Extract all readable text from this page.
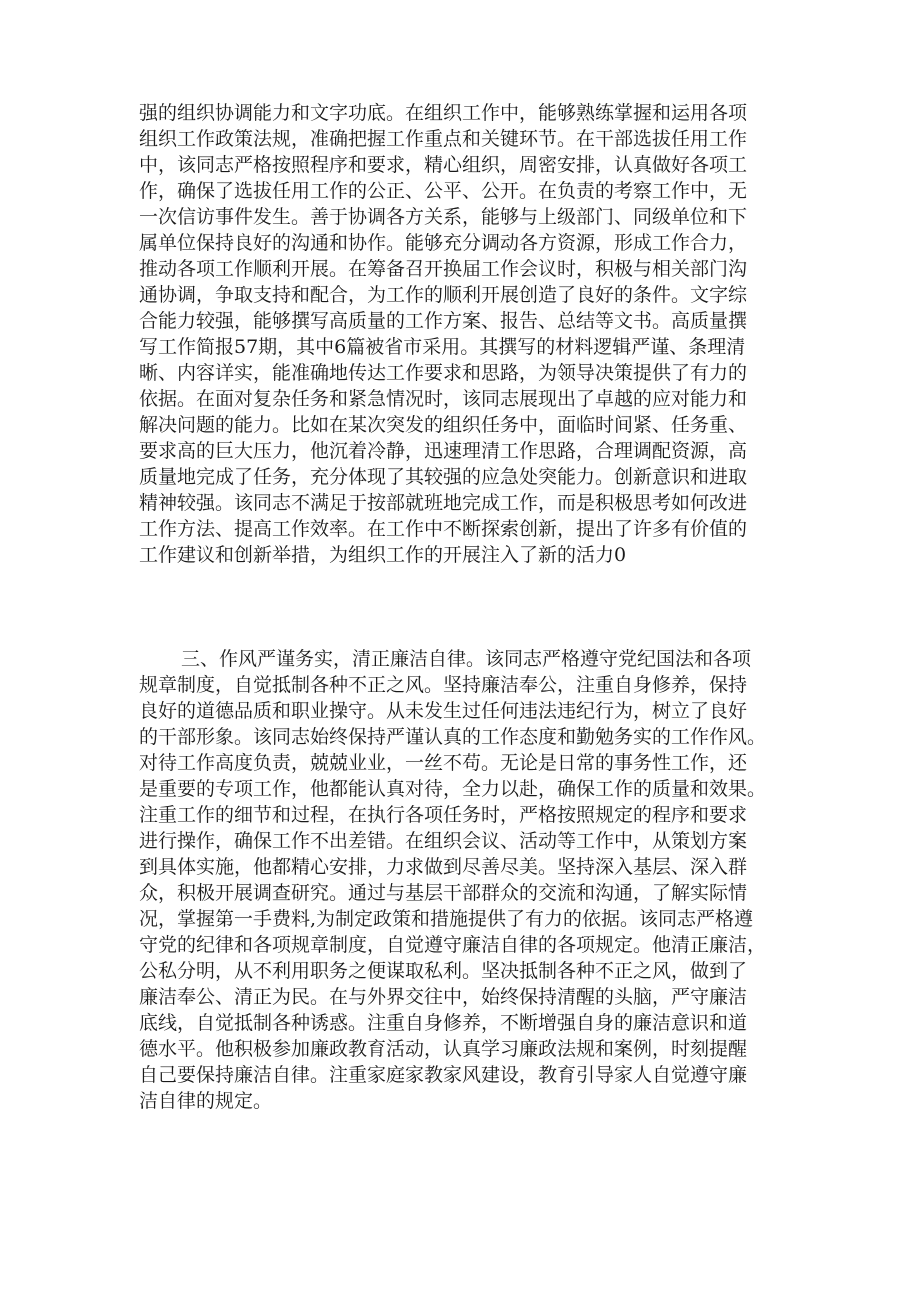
强的组织协调能力和文字功底。在组织工作中，能够熟练掌握和运用各项

组织工作政策法规，准确把握工作重点和关键环节。在干部选拔任用工作

中，该同志严格按照程序和要求，精心组织，周密安排，认真做好各项工

作，确保了选拔任用工作的公正、公平、公开。在负责的考察工作中，无

一次信访事件发生。善于协调各方关系，能够与上级部门、同级单位和下

属单位保持良好的沟通和协作。能够充分调动各方资源，形成工作合力，

推动各项工作顺利开展。在筹备召开换届工作会议时，积极与相关部门沟

通协调，争取支持和配合，为工作的顺利开展创造了良好的条件。文字综

合能力较强，能够撰写高质量的工作方案、报告、总结等文书。高质量撰

写工作简报57期，其中6篇被省市采用。其撰写的材料逻辑严谨、条理清

晰、内容详实，能准确地传达工作要求和思路，为领导决策提供了有力的

依据。在面对复杂任务和紧急情况时，该同志展现出了卓越的应对能力和

解决问题的能力。比如在某次突发的组织任务中，面临时间紧、任务重、

要求高的巨大压力，他沉着冷静，迅速理清工作思路，合理调配资源，高

质量地完成了任务，充分体现了其较强的应急处突能力。创新意识和进取

精神较强。该同志不满足于按部就班地完成工作，而是积极思考如何改进

工作方法、提高工作效率。在工作中不断探索创新，提出了许多有价值的

工作建议和创新举措，为组织工作的开展注入了新的活力0

三、作风严谨务实，清正廉洁自律。该同志严格遵守党纪国法和各项

规章制度，自觉抵制各种不正之风。坚持廉洁奉公，注重自身修养，保持

良好的道德品质和职业操守。从未发生过任何违法违纪行为，树立了良好

的干部形象。该同志始终保持严谨认真的工作态度和勤勉务实的工作作风。

对待工作高度负责，兢兢业业，一丝不苟。无论是日常的事务性工作，还

是重要的专项工作，他都能认真对待，全力以赴，确保工作的质量和效果。

注重工作的细节和过程，在执行各项任务时，严格按照规定的程序和要求

进行操作，确保工作不出差错。在组织会议、活动等工作中，从策划方案

到具体实施，他都精心安排，力求做到尽善尽美。坚持深入基层、深入群

众，积极开展调查研究。通过与基层干部群众的交流和沟通，了解实际情

况，掌握第一手费料,为制定政策和措施提供了有力的依据。该同志严格遵

守党的纪律和各项规章制度，自觉遵守廉洁自律的各项规定。他清正廉洁，

公私分明，从不利用职务之便谋取私利。坚决抵制各种不正之风，做到了

廉洁奉公、清正为民。在与外界交往中，始终保持清醒的头脑，严守廉洁

底线，自觉抵制各种诱惑。注重自身修养，不断增强自身的廉洁意识和道

德水平。他积极参加廉政教育活动，认真学习廉政法规和案例，时刻提醒

自己要保持廉洁自律。注重家庭家教家风建设，教育引导家人自觉遵守廉

洁自律的规定。
